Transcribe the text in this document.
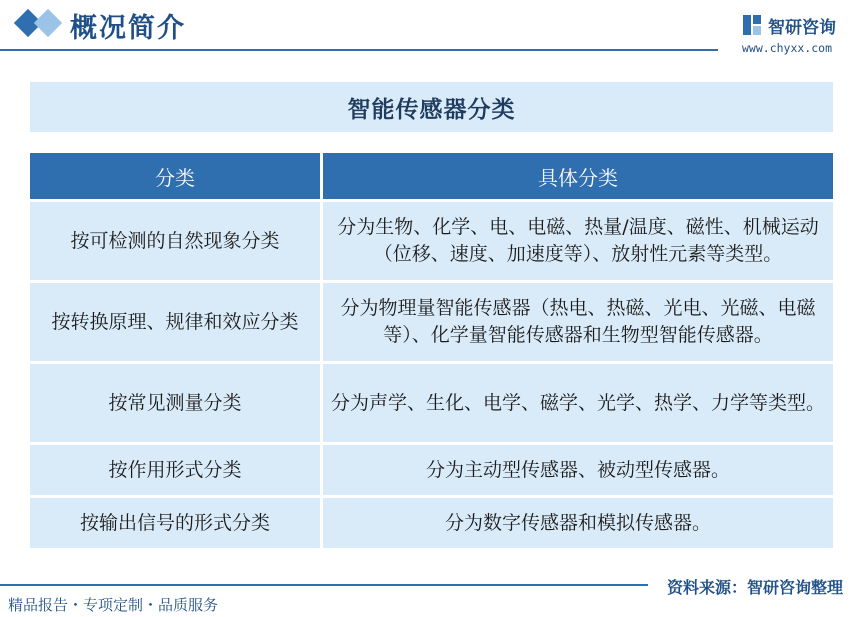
概况简介	智研咨询
www.chyxx.com
智能传感器分类
分类	具体分类
按可检测的自然现象分类	分为生物、化学、电、电磁、热量/温度、磁性、机械运动（位移、速度、加速度等）、放射性元素等类型。
按转换原理、规律和效应分类	分为物理量智能传感器（热电、热磁、光电、光磁、电磁等）、化学量智能传感器和生物型智能传感器。
按常见测量分类	分为声学、生化、电学、磁学、光学、热学、力学等类型。
按作用形式分类	分为主动型传感器、被动型传感器。
按输出信号的形式分类	分为数字传感器和模拟传感器。
资料来源：智研咨询整理
精品报告・专项定制・品质服务
